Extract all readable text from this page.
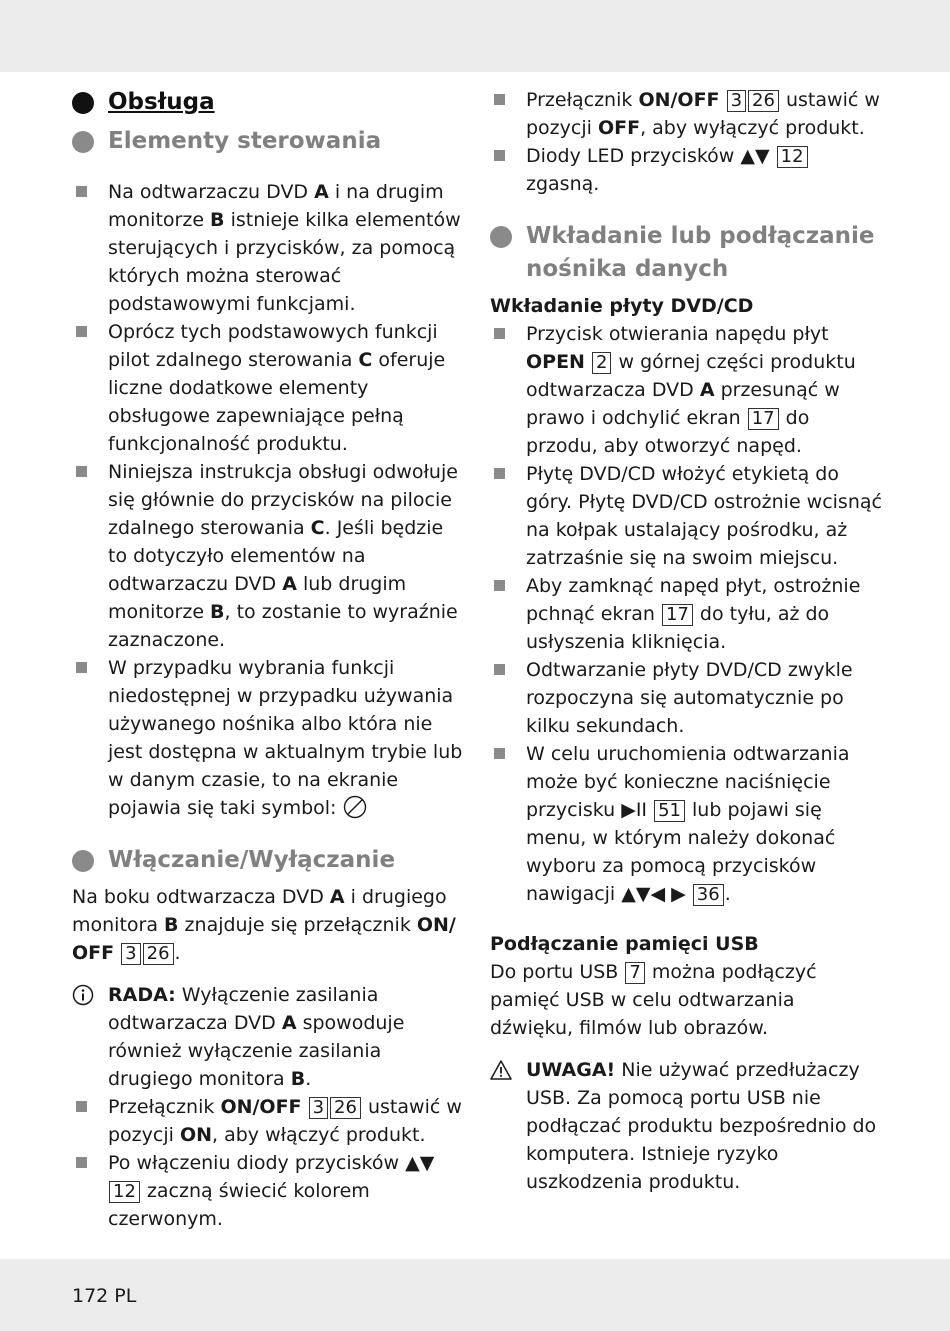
Obsługa
Elementy sterowania

Na odtwarzaczu DVD A i na drugim monitorze B istnieje kilka elementów sterujących i przycisków, za pomocą których można sterować podstawowymi funkcjami.

Oprócz tych podstawowych funkcji pilot zdalnego sterowania C oferuje liczne dodatkowe elementy obsługowe zapewniające pełną funkcjonalność produktu.

Niniejsza instrukcja obsługi odwołuje się głównie do przycisków na pilocie zdalnego sterowania C. Jeśli będzie to dotyczyło elementów na odtwarzaczu DVD A lub drugim monitorze B, to zostanie to wyraźnie zaznaczone.

W przypadku wybrania funkcji niedostępnej w przypadku używania używanego nośnika albo która nie jest dostępna w aktualnym trybie lub w danym czasie, to na ekranie pojawia się taki symbol:

Włączanie/Wyłączanie

Na boku odtwarzacza DVD A i drugiego monitora B znajduje się przełącznik ON/ OFF 3 26 .

RADA: Wyłączenie zasilania odtwarzacza DVD A spowoduje również wyłączenie zasilania drugiego monitora B.

Przełącznik ON/OFF 3 26 ustawić w pozycji ON, aby włączyć produkt.

Po włączeniu diody przycisków ▲▼ 12 zaczną świecić kolorem czerwonym.

Przełącznik ON/OFF 3 26 ustawić w pozycji OFF, aby wyłączyć produkt.

Diody LED przycisków ▲▼ 12 zgasną.

Wkładanie lub podłączanie nośnika danych

Wkładanie płyty DVD/CD

Przycisk otwierania napędu płyt OPEN 2 w górnej części produktu odtwarzacza DVD A przesunąć w prawo i odchylić ekran 17 do przodu, aby otworzyć napęd.

Płytę DVD/CD włożyć etykietą do góry. Płytę DVD/CD ostrożnie wcisnąć na kołpak ustalający pośrodku, aż zatrzaśnie się na swoim miejscu.

Aby zamknąć napęd płyt, ostrożnie pchnąć ekran 17 do tyłu, aż do usłyszenia kliknięcia.

Odtwarzanie płyty DVD/CD zwykle rozpoczyna się automatycznie po kilku sekundach.

W celu uruchomienia odtwarzania może być konieczne naciśnięcie przycisku ▶II 51 lub pojawi się menu, w którym należy dokonać wyboru za pomocą przycisków nawigacji ▲▼◀ ▶ 36 .

Podłączanie pamięci USB

Do portu USB 7 można podłączyć pamięć USB w celu odtwarzania dźwięku, filmów lub obrazów.

UWAGA! Nie używać przedłużaczy USB. Za pomocą portu USB nie podłączać produktu bezpośrednio do komputera. Istnieje ryzyko uszkodzenia produktu.

172 PL
